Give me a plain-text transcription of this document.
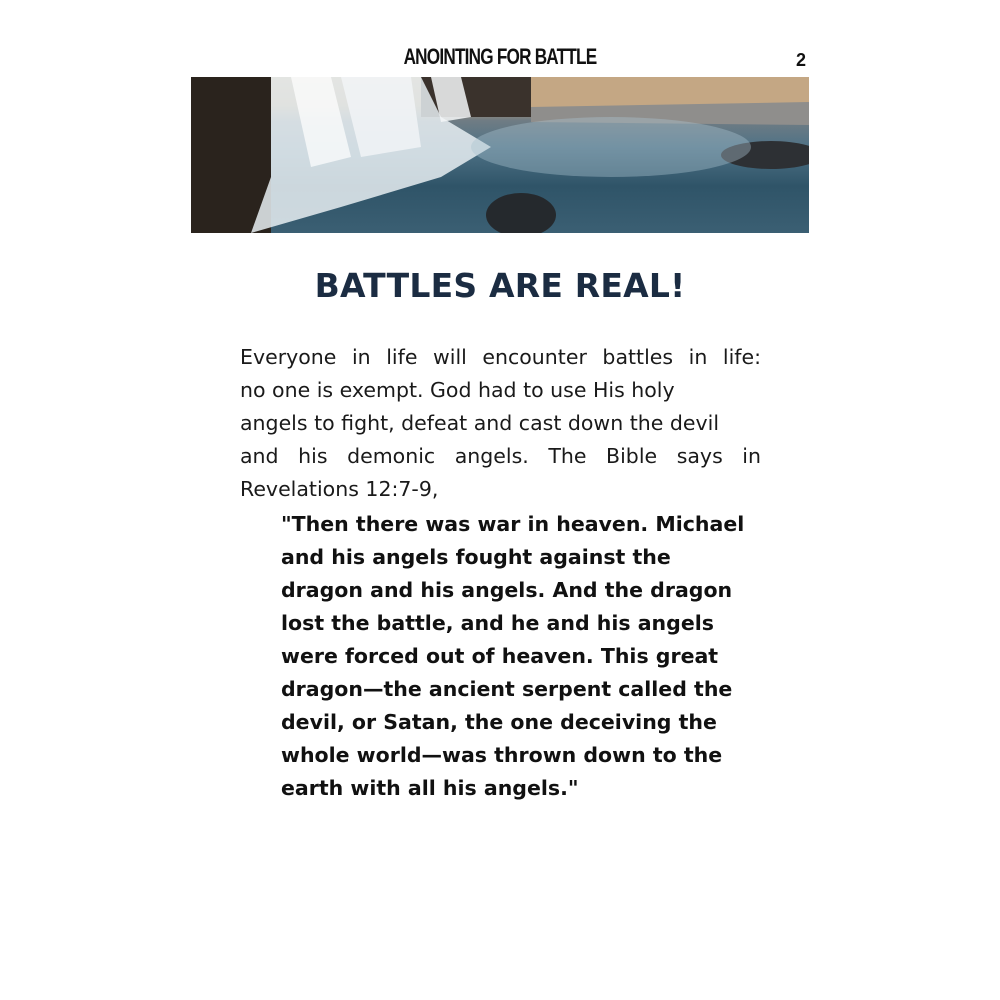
ANOINTING FOR BATTLE	2
BATTLES ARE REAL!
Everyone in life will encounter battles in life:
no one is exempt. God had to use His holy
angels to fight, defeat and cast down the devil
and his demonic angels. The Bible says in
Revelations 12:7-9,
"Then there was war in heaven. Michael
and his angels fought against the
dragon and his angels. And the dragon
lost the battle, and he and his angels
were forced out of heaven. This great
dragon—the ancient serpent called the
devil, or Satan, the one deceiving the
whole world—was thrown down to the
earth with all his angels."
